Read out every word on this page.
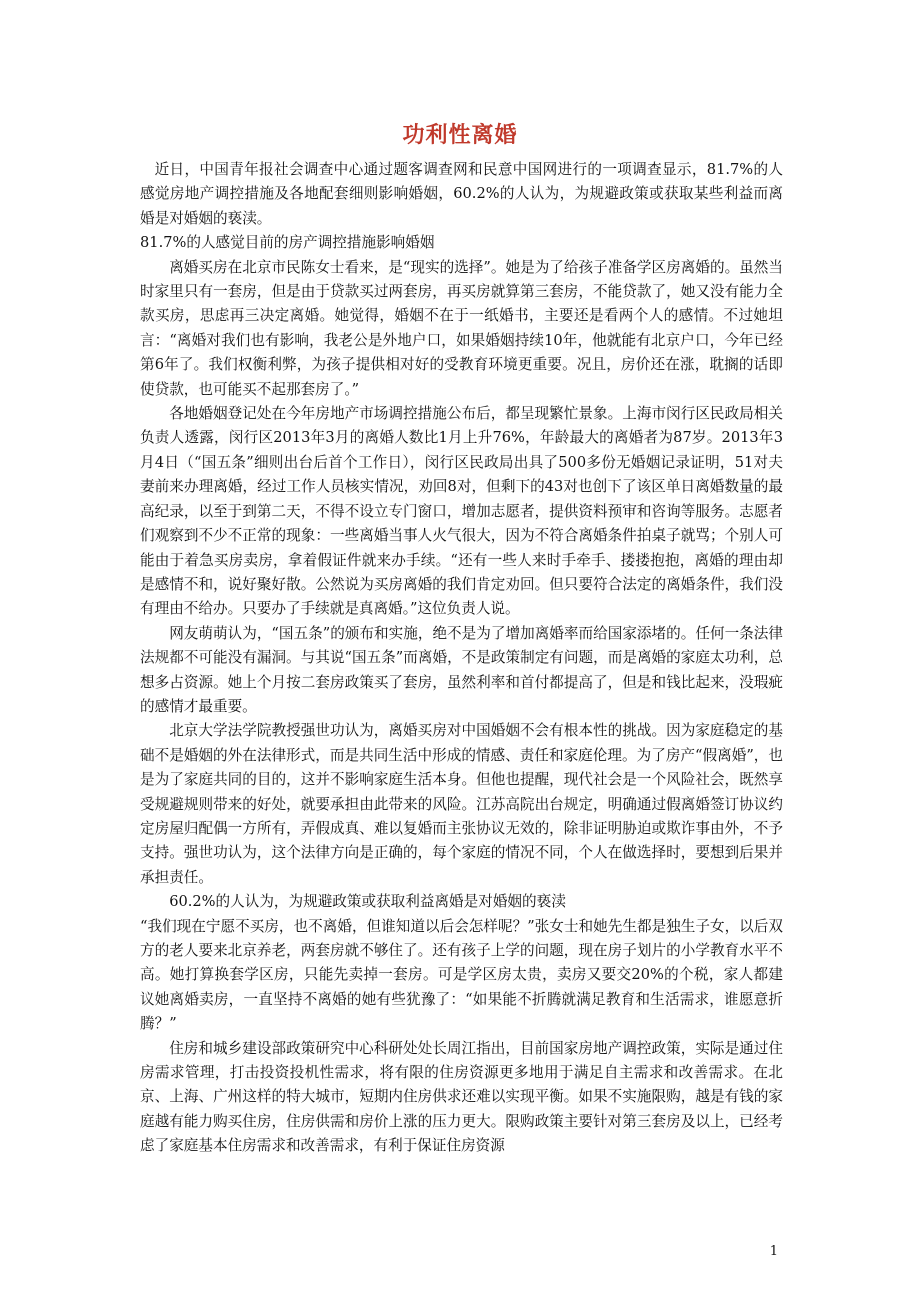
功利性离婚

近日，中国青年报社会调查中心通过题客调查网和民意中国网进行的一项调查显示，81.7%的人感觉房地产调控措施及各地配套细则影响婚姻，60.2%的人认为，为规避政策或获取某些利益而离婚是对婚姻的亵渎。

81.7%的人感觉目前的房产调控措施影响婚姻

离婚买房在北京市民陈女士看来，是“现实的选择”。她是为了给孩子准备学区房离婚的。虽然当时家里只有一套房，但是由于贷款买过两套房，再买房就算第三套房，不能贷款了，她又没有能力全款买房，思虑再三决定离婚。她觉得，婚姻不在于一纸婚书，主要还是看两个人的感情。不过她坦言：“离婚对我们也有影响，我老公是外地户口，如果婚姻持续10年，他就能有北京户口，今年已经第6年了。我们权衡利弊，为孩子提供相对好的受教育环境更重要。况且，房价还在涨，耽搁的话即使贷款，也可能买不起那套房了。”

各地婚姻登记处在今年房地产市场调控措施公布后，都呈现繁忙景象。上海市闵行区民政局相关负责人透露，闵行区2013年3月的离婚人数比1月上升76%，年龄最大的离婚者为87岁。2013年3月4日（“国五条”细则出台后首个工作日），闵行区民政局出具了500多份无婚姻记录证明，51对夫妻前来办理离婚，经过工作人员核实情况，劝回8对，但剩下的43对也创下了该区单日离婚数量的最高纪录，以至于到第二天，不得不设立专门窗口，增加志愿者，提供资料预审和咨询等服务。志愿者们观察到不少不正常的现象：一些离婚当事人火气很大，因为不符合离婚条件拍桌子就骂；个别人可能由于着急买房卖房，拿着假证件就来办手续。“还有一些人来时手牵手、搂搂抱抱，离婚的理由却是感情不和，说好聚好散。公然说为买房离婚的我们肯定劝回。但只要符合法定的离婚条件，我们没有理由不给办。只要办了手续就是真离婚。”这位负责人说。

网友萌萌认为，“国五条”的颁布和实施，绝不是为了增加离婚率而给国家添堵的。任何一条法律法规都不可能没有漏洞。与其说“国五条”而离婚，不是政策制定有问题，而是离婚的家庭太功利，总想多占资源。她上个月按二套房政策买了套房，虽然利率和首付都提高了，但是和钱比起来，没瑕疵的感情才最重要。

北京大学法学院教授强世功认为，离婚买房对中国婚姻不会有根本性的挑战。因为家庭稳定的基础不是婚姻的外在法律形式，而是共同生活中形成的情感、责任和家庭伦理。为了房产“假离婚”，也是为了家庭共同的目的，这并不影响家庭生活本身。但他也提醒，现代社会是一个风险社会，既然享受规避规则带来的好处，就要承担由此带来的风险。江苏高院出台规定，明确通过假离婚签订协议约定房屋归配偶一方所有，弄假成真、难以复婚而主张协议无效的，除非证明胁迫或欺诈事由外，不予支持。强世功认为，这个法律方向是正确的，每个家庭的情况不同，个人在做选择时，要想到后果并承担责任。

60.2%的人认为，为规避政策或获取利益离婚是对婚姻的亵渎

“我们现在宁愿不买房，也不离婚，但谁知道以后会怎样呢？”张女士和她先生都是独生子女，以后双方的老人要来北京养老，两套房就不够住了。还有孩子上学的问题，现在房子划片的小学教育水平不高。她打算换套学区房，只能先卖掉一套房。可是学区房太贵，卖房又要交20%的个税，家人都建议她离婚卖房，一直坚持不离婚的她有些犹豫了：“如果能不折腾就满足教育和生活需求，谁愿意折腾？”

住房和城乡建设部政策研究中心科研处处长周江指出，目前国家房地产调控政策，实际是通过住房需求管理，打击投资投机性需求，将有限的住房资源更多地用于满足自主需求和改善需求。在北京、上海、广州这样的特大城市，短期内住房供求还难以实现平衡。如果不实施限购，越是有钱的家庭越有能力购买住房，住房供需和房价上涨的压力更大。限购政策主要针对第三套房及以上，已经考虑了家庭基本住房需求和改善需求，有利于保证住房资源

1
